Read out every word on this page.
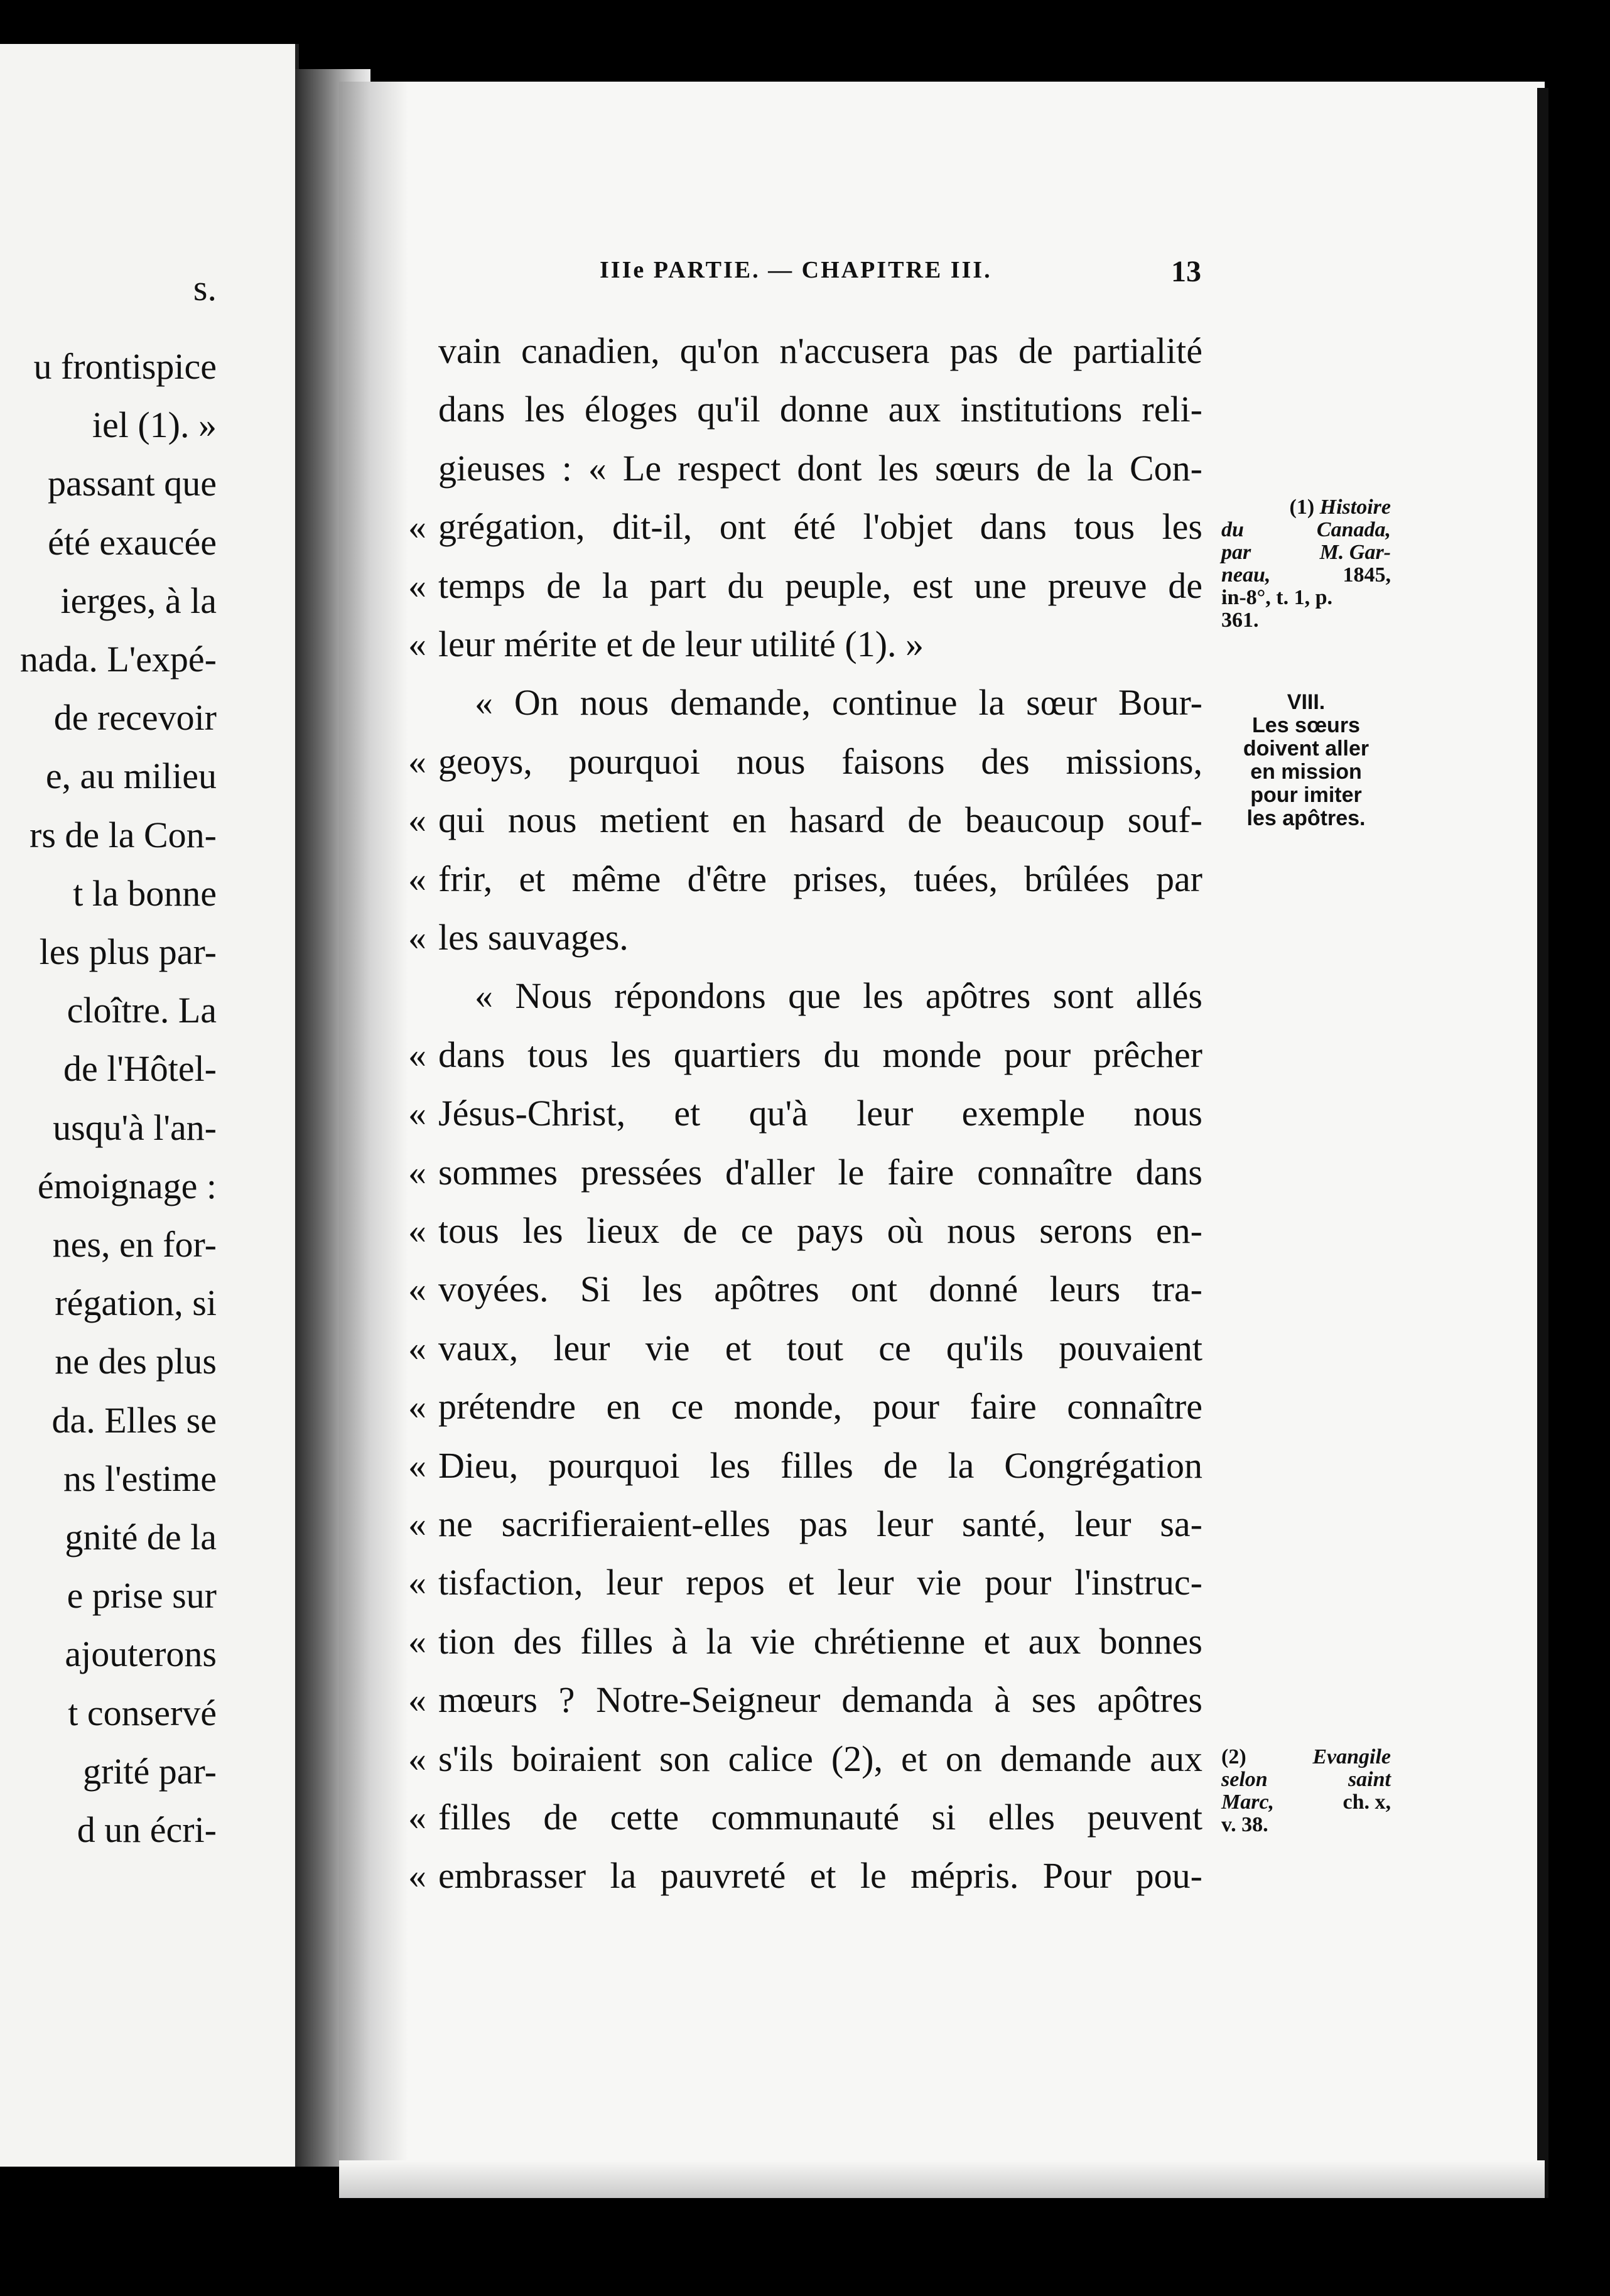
s.
u frontispice
iel (1). »
passant que
été exaucée
ierges, à la
nada. L'expé-
de recevoir
e, au milieu
rs de la Con-
t la bonne
les plus par-
cloître. La
de l'Hôtel-
usqu'à l'an-
émoignage :
nes, en for-
régation, si
ne des plus
da. Elles se
ns l'estime
gnité de la
e prise sur
ajouterons
t conservé
grité par-
d un écri-
IIIe PARTIE. — CHAPITRE III.	13
vain canadien, qu'on n'accusera pas de partialité
dans les éloges qu'il donne aux institutions reli-
gieuses : « Le respect dont les sœurs de la Con-
« grégation, dit-il, ont été l'objet dans tous les
« temps de la part du peuple, est une preuve de
« leur mérite et de leur utilité (1). »
« On nous demande, continue la sœur Bour-
« geoys, pourquoi nous faisons des missions,
« qui nous metient en hasard de beaucoup souf-
« frir, et même d'être prises, tuées, brûlées par
« les sauvages.
« Nous répondons que les apôtres sont allés
« dans tous les quartiers du monde pour prêcher
« Jésus-Christ, et qu'à leur exemple nous
« sommes pressées d'aller le faire connaître dans
« tous les lieux de ce pays où nous serons en-
« voyées. Si les apôtres ont donné leurs tra-
« vaux, leur vie et tout ce qu'ils pouvaient
« prétendre en ce monde, pour faire connaître
« Dieu, pourquoi les filles de la Congrégation
« ne sacrifieraient-elles pas leur santé, leur sa-
« tisfaction, leur repos et leur vie pour l'instruc-
« tion des filles à la vie chrétienne et aux bonnes
« mœurs ? Notre-Seigneur demanda à ses apôtres
« s'ils boiraient son calice (2), et on demande aux
« filles de cette communauté si elles peuvent
« embrasser la pauvreté et le mépris. Pour pou-
(1) Histoire
du	Canada,
par	M. Gar-
neau,	1845,
in-8°, t. 1, p.
361.
VIII.
Les sœurs
doivent aller
en mission
pour imiter
les apôtres.
(2)	Evangile
selon	saint
Marc,	ch. x,
v. 38.
